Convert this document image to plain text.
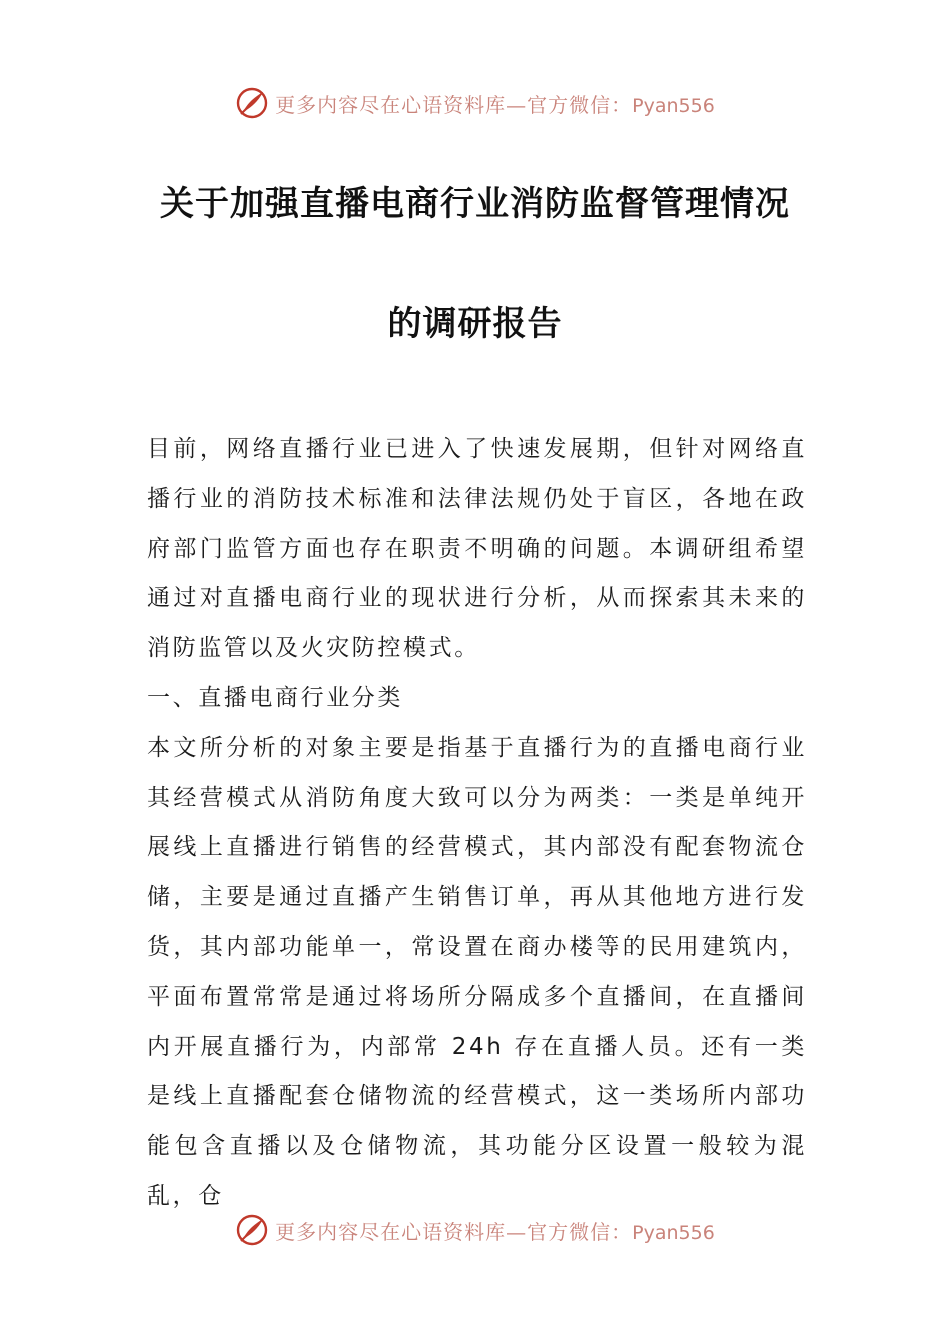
更多内容尽在心语资料库—官方微信：Pyan556
关于加强直播电商行业消防监督管理情况
的调研报告

目前，网络直播行业已进入了快速发展期，但针对网络直播行业的消防技术标准和法律法规仍处于盲区，各地在政府部门监管方面也存在职责不明确的问题。本调研组希望通过对直播电商行业的现状进行分析，从而探索其未来的消防监管以及火灾防控模式。

一、直播电商行业分类

本文所分析的对象主要是指基于直播行为的直播电商行业其经营模式从消防角度大致可以分为两类：一类是单纯开展线上直播进行销售的经营模式，其内部没有配套物流仓储，主要是通过直播产生销售订单，再从其他地方进行发货，其内部功能单一，常设置在商办楼等的民用建筑内，平面布置常常是通过将场所分隔成多个直播间，在直播间内开展直播行为，内部常 24h 存在直播人员。还有一类是线上直播配套仓储物流的经营模式，这一类场所内部功能包含直播以及仓储物流，其功能分区设置一般较为混乱，仓

更多内容尽在心语资料库—官方微信：Pyan556
